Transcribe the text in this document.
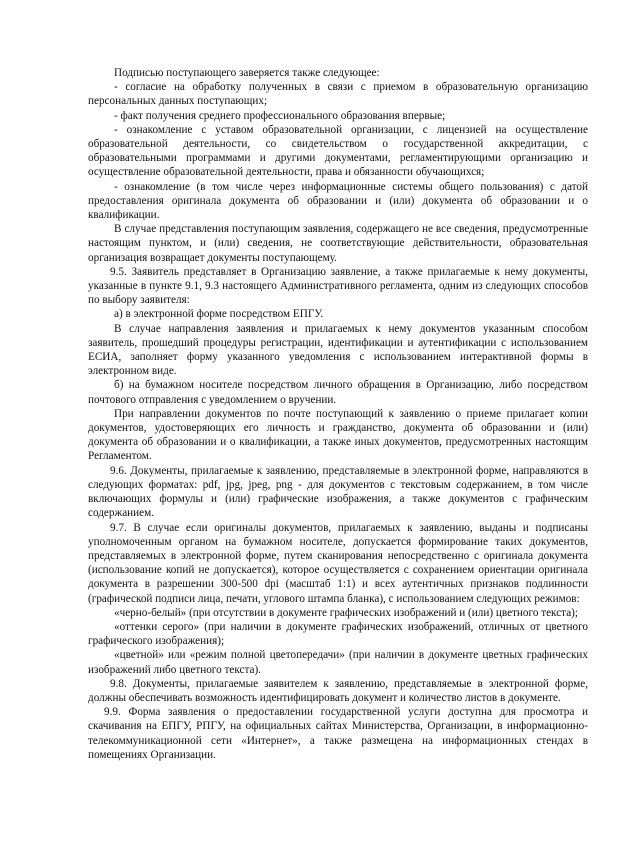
Подписью поступающего заверяется также следующее:

- согласие на обработку полученных в связи с приемом в образовательную организацию персональных данных поступающих;

- факт получения среднего профессионального образования впервые;

- ознакомление с уставом образовательной организации, с лицензией на осуществление образовательной деятельности, со свидетельством о государственной аккредитации, с образовательными программами и другими документами, регламентирующими организацию и осуществление образовательной деятельности, права и обязанности обучающихся;

- ознакомление (в том числе через информационные системы общего пользования) с датой предоставления оригинала документа об образовании и (или) документа об образовании и о квалификации.

В случае представления поступающим заявления, содержащего не все сведения, предусмотренные настоящим пунктом, и (или) сведения, не соответствующие действительности, образовательная организация возвращает документы поступающему.

9.5. Заявитель представляет в Организацию заявление, а также прилагаемые к нему документы, указанные в пункте 9.1, 9.3 настоящего Административного регламента, одним из следующих способов по выбору заявителя:

а) в электронной форме посредством ЕПГУ.

В случае направления заявления и прилагаемых к нему документов указанным способом заявитель, прошедший процедуры регистрации, идентификации и аутентификации с использованием ЕСИА, заполняет форму указанного уведомления с использованием интерактивной формы в электронном виде.

б) на бумажном носителе посредством личного обращения в Организацию, либо посредством почтового отправления с уведомлением о вручении.

При направлении документов по почте поступающий к заявлению о приеме прилагает копии документов, удостоверяющих его личность и гражданство, документа об образовании и (или) документа об образовании и о квалификации, а также иных документов, предусмотренных настоящим Регламентом.

9.6. Документы, прилагаемые к заявлению, представляемые в электронной форме, направляются в следующих форматах: pdf, jpg, jpeg, png - для документов с текстовым содержанием, в том числе включающих формулы и (или) графические изображения, а также документов с графическим содержанием.

9.7. В случае если оригиналы документов, прилагаемых к заявлению, выданы и подписаны уполномоченным органом на бумажном носителе, допускается формирование таких документов, представляемых в электронной форме, путем сканирования непосредственно с оригинала документа (использование копий не допускается), которое осуществляется с сохранением ориентации оригинала документа в разрешении 300-500 dpi (масштаб 1:1) и всех аутентичных признаков подлинности (графической подписи лица, печати, углового штампа бланка), с использованием следующих режимов:

«черно-белый» (при отсутствии в документе графических изображений и (или) цветного текста);

«оттенки серого» (при наличии в документе графических изображений, отличных от цветного графического изображения);

«цветной» или «режим полной цветопередачи» (при наличии в документе цветных графических изображений либо цветного текста).

9.8. Документы, прилагаемые заявителем к заявлению, представляемые в электронной форме, должны обеспечивать возможность идентифицировать документ и количество листов в документе.

9.9. Форма заявления о предоставлении государственной услуги доступна для просмотра и скачивания на ЕПГУ, РПГУ, на официальных сайтах Министерства, Организации, в информационно-телекоммуникационной сети «Интернет», а также размещена на информационных стендах в помещениях Организации.
